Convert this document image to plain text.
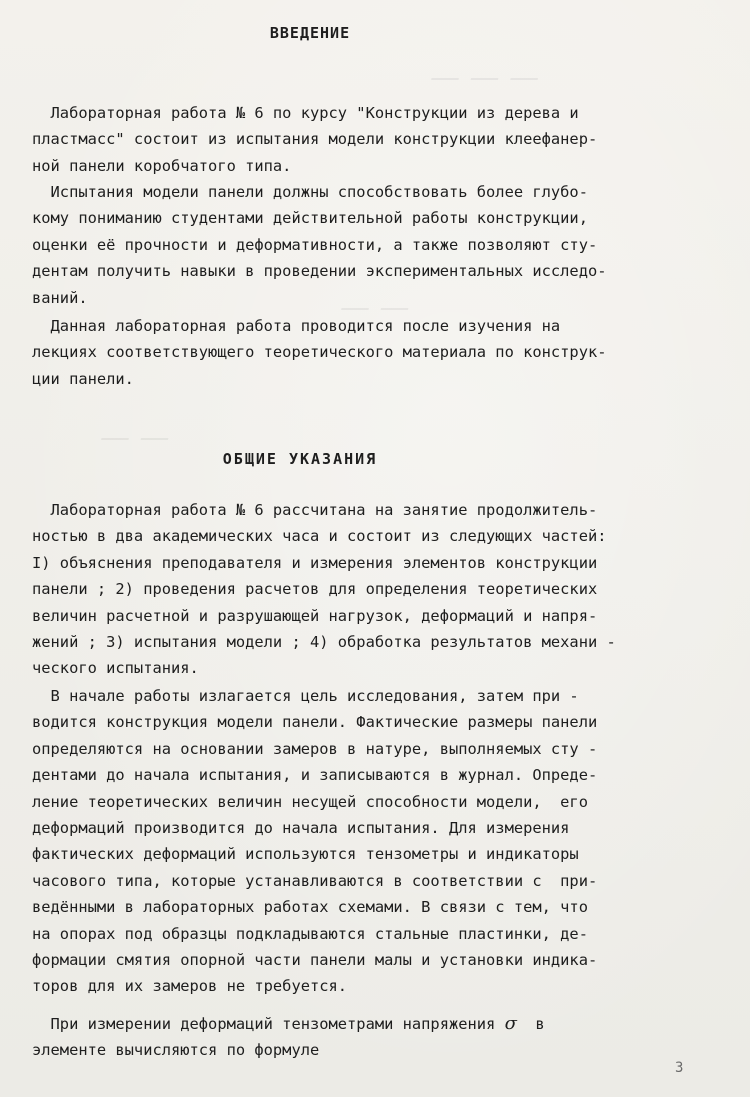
— — —
— —
— —
ВВЕДЕНИЕ

Лабораторная работа № 6 по курсу "Конструкции из дерева и
пластмасс" состоит из испытания модели конструкции клеефанер-
ной панели коробчатого типа.

Испытания модели панели должны способствовать более глубо-
кому пониманию студентами действительной работы конструкции,
оценки её прочности и деформативности, а также позволяют сту-
дентам получить навыки в проведении экспериментальных исследо-
ваний.

Данная лабораторная работа проводится после изучения на
лекциях соответствующего теоретического материала по конструк-
ции панели.

ОБЩИЕ УКАЗАНИЯ

Лабораторная работа № 6 рассчитана на занятие продолжитель-
ностью в два академических часа и состоит из следующих частей:
I) объяснения преподавателя и измерения элементов конструкции
панели ; 2) проведения расчетов для определения теоретических
величин расчетной и разрушающей нагрузок, деформаций и напря-
жений ; 3) испытания модели ; 4) обработка результатов механи -
ческого испытания.

В начале работы излагается цель исследования, затем при -
водится конструкция модели панели. Фактические размеры панели
определяются на основании замеров в натуре, выполняемых сту -
дентами до начала испытания, и записываются в журнал. Опреде-
ление теоретических величин несущей способности модели,  его
деформаций производится до начала испытания. Для измерения
фактических деформаций используются тензометры и индикаторы
часового типа, которые устанавливаются в соответствии с  при-
ведёнными в лабораторных работах схемами. В связи с тем, что
на опорах под образцы подкладываются стальные пластинки, де-
формации смятия опорной части панели малы и установки индика-
торов для их замеров не требуется.

При измерении деформаций тензометрами напряжения σ  в
элементе вычисляются по формуле

3
